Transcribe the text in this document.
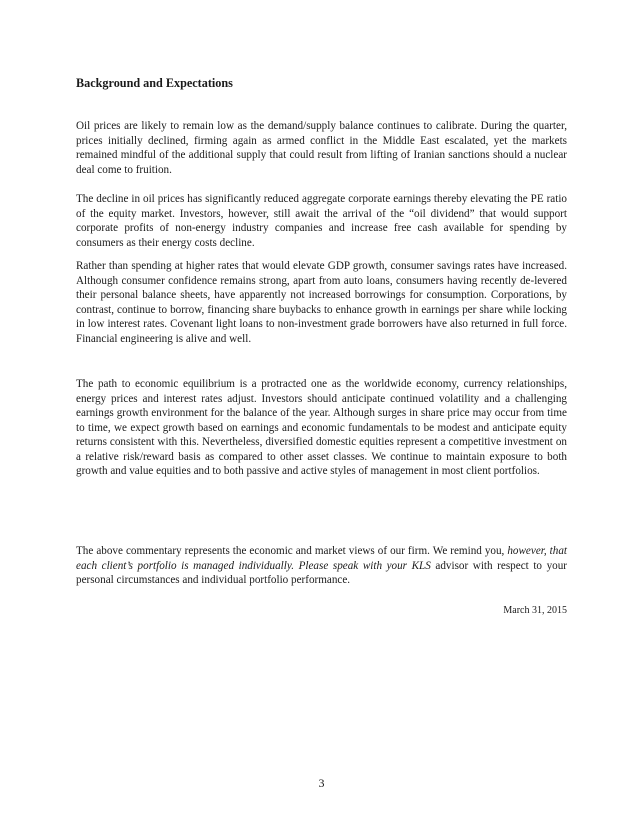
Background and Expectations

Oil prices are likely to remain low as the demand/supply balance continues to calibrate. During the quarter, prices initially declined, firming again as armed conflict in the Middle East escalated, yet the markets remained mindful of the additional supply that could result from lifting of Iranian sanctions should a nuclear deal come to fruition.

The decline in oil prices has significantly reduced aggregate corporate earnings thereby elevating the PE ratio of the equity market. Investors, however, still await the arrival of the “oil dividend” that would support corporate profits of non-energy industry companies and increase free cash available for spending by consumers as their energy costs decline.

Rather than spending at higher rates that would elevate GDP growth, consumer savings rates have increased. Although consumer confidence remains strong, apart from auto loans, consumers having recently de-levered their personal balance sheets, have apparently not increased borrowings for consumption. Corporations, by contrast, continue to borrow, financing share buybacks to enhance growth in earnings per share while locking in low interest rates. Covenant light loans to non-investment grade borrowers have also returned in full force. Financial engineering is alive and well.

The path to economic equilibrium is a protracted one as the worldwide economy, currency relationships, energy prices and interest rates adjust. Investors should anticipate continued volatility and a challenging earnings growth environment for the balance of the year. Although surges in share price may occur from time to time, we expect growth based on earnings and economic fundamentals to be modest and anticipate equity returns consistent with this. Nevertheless, diversified domestic equities represent a competitive investment on a relative risk/reward basis as compared to other asset classes. We continue to maintain exposure to both growth and value equities and to both passive and active styles of management in most client portfolios.

The above commentary represents the economic and market views of our firm. We remind you, however, that each client’s portfolio is managed individually. Please speak with your KLS advisor with respect to your personal circumstances and individual portfolio performance.

March 31, 2015

3
